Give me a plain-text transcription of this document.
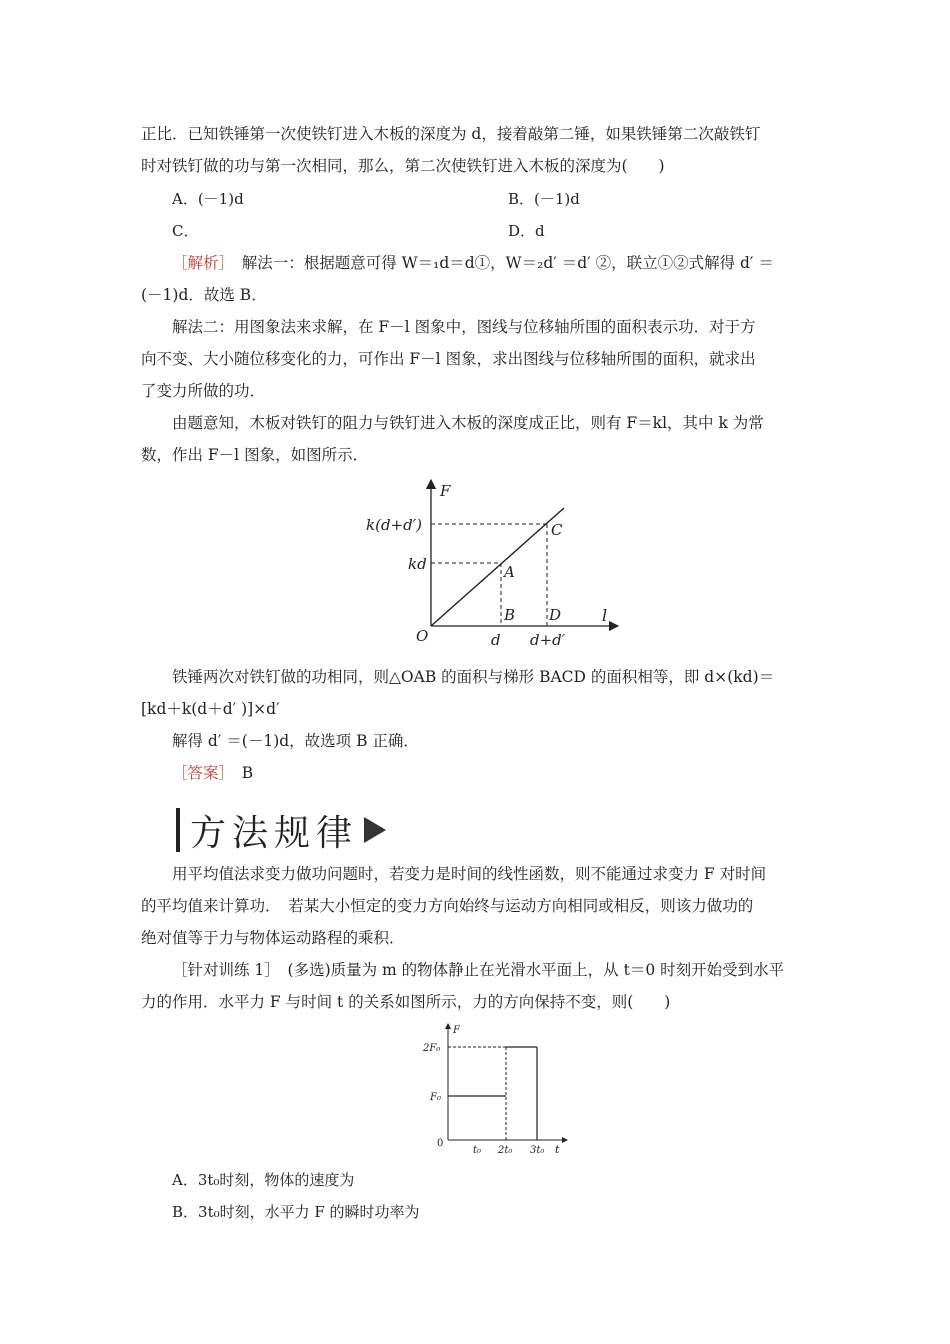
正比．已知铁锤第一次使铁钉进入木板的深度为 d，接着敲第二锤，如果铁锤第二次敲铁钉
时对铁钉做的功与第一次相同，那么，第二次使铁钉进入木板的深度为(　　)
A．(－1)d	B．(－1)d
C．	D．d
［解析］　解法一：根据题意可得 W＝₁d＝d①，W＝₂d′ ＝d′ ②，联立①②式解得 d′ ＝
(－1)d．故选 B．
解法二：用图象法来求解，在 F－l 图象中，图线与位移轴所围的面积表示功．对于方
向不变、大小随位移变化的力，可作出 F－l 图象，求出图线与位移轴所围的面积，就求出
了变力所做的功．
由题意知，木板对铁钉的阻力与铁钉进入木板的深度成正比，则有 F＝kl，其中 k 为常
数，作出 F－l 图象，如图所示．
F
l
O
A
B
C
D
k(d+d′)
kd
d d+d′
铁锤两次对铁钉做的功相同，则△OAB 的面积与梯形 BACD 的面积相等，即 d×(kd)＝
[kd＋k(d＋d′ )]×d′
解得 d′ ＝(－1)d，故选项 B 正确．
［答案］　B
方法规律
用平均值法求变力做功问题时，若变力是时间的线性函数，则不能通过求变力 F 对时间
的平均值来计算功．　若某大小恒定的变力方向始终与运动方向相同或相反，则该力做功的
绝对值等于力与物体运动路程的乘积．
［针对训练 1］　(多选)质量为 m 的物体静止在光滑水平面上，从 t＝0 时刻开始受到水平
力的作用．水平力 F 与时间 t 的关系如图所示，力的方向保持不变，则(　　)
F
t
0
F₀
2F₀
t₀ 2t₀ 3t₀
A．3t₀时刻，物体的速度为
B．3t₀时刻，水平力 F 的瞬时功率为
